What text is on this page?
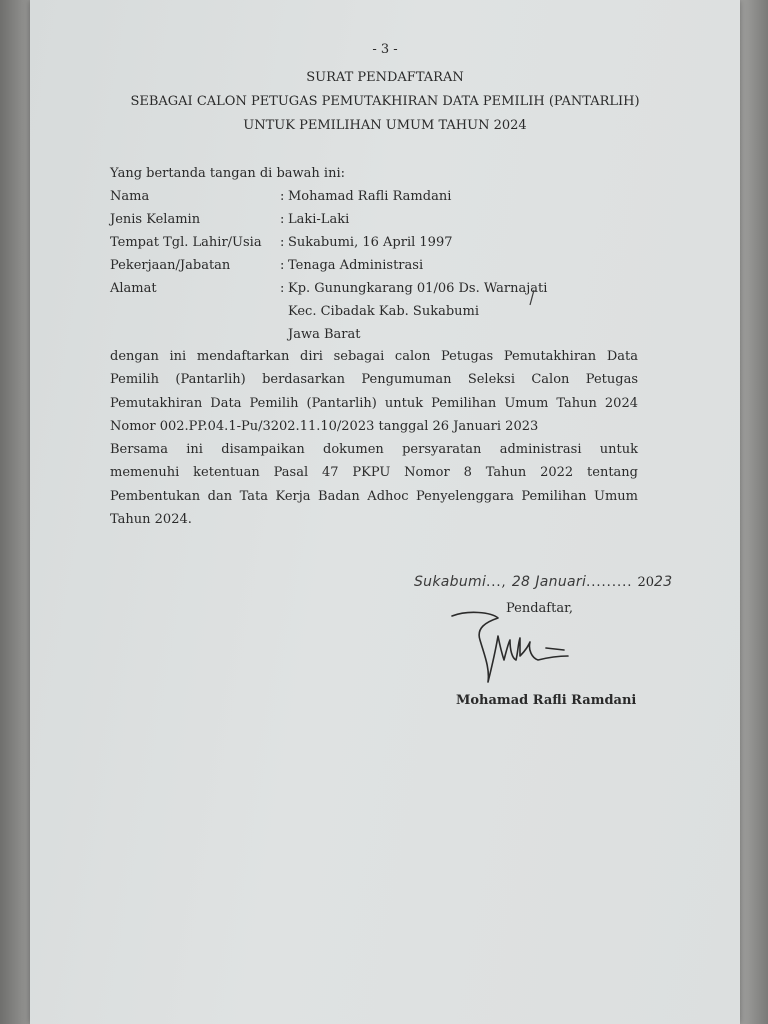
- 3 -
SURAT PENDAFTARAN
SEBAGAI CALON PETUGAS PEMUTAKHIRAN DATA PEMILIH (PANTARLIH)
UNTUK PEMILIHAN UMUM TAHUN 2024
Yang bertanda tangan di bawah ini:
Nama	: Mohamad Rafli Ramdani
Jenis Kelamin	: Laki-Laki
Tempat Tgl. Lahir/Usia : Sukabumi, 16 April 1997
Pekerjaan/Jabatan	: Tenaga Administrasi
Alamat	: Kp. Gunungkarang 01/06 Ds. Warnajati
Kec. Cibadak Kab. Sukabumi
Jawa Barat
dengan ini mendaftarkan diri sebagai calon Petugas Pemutakhiran Data
Pemilih (Pantarlih) berdasarkan Pengumuman Seleksi Calon Petugas
Pemutakhiran Data Pemilih (Pantarlih) untuk Pemilihan Umum Tahun 2024
Nomor 002.PP.04.1-Pu/3202.11.10/2023 tanggal 26 Januari 2023
Bersama ini disampaikan dokumen persyaratan administrasi untuk
memenuhi ketentuan Pasal 47 PKPU Nomor 8 Tahun 2022 tentang
Pembentukan dan Tata Kerja Badan Adhoc Penyelenggara Pemilihan Umum
Tahun 2024.
Sukabumi..., 28 Januari......... 2023
Pendaftar,
Mohamad Rafli Ramdani
